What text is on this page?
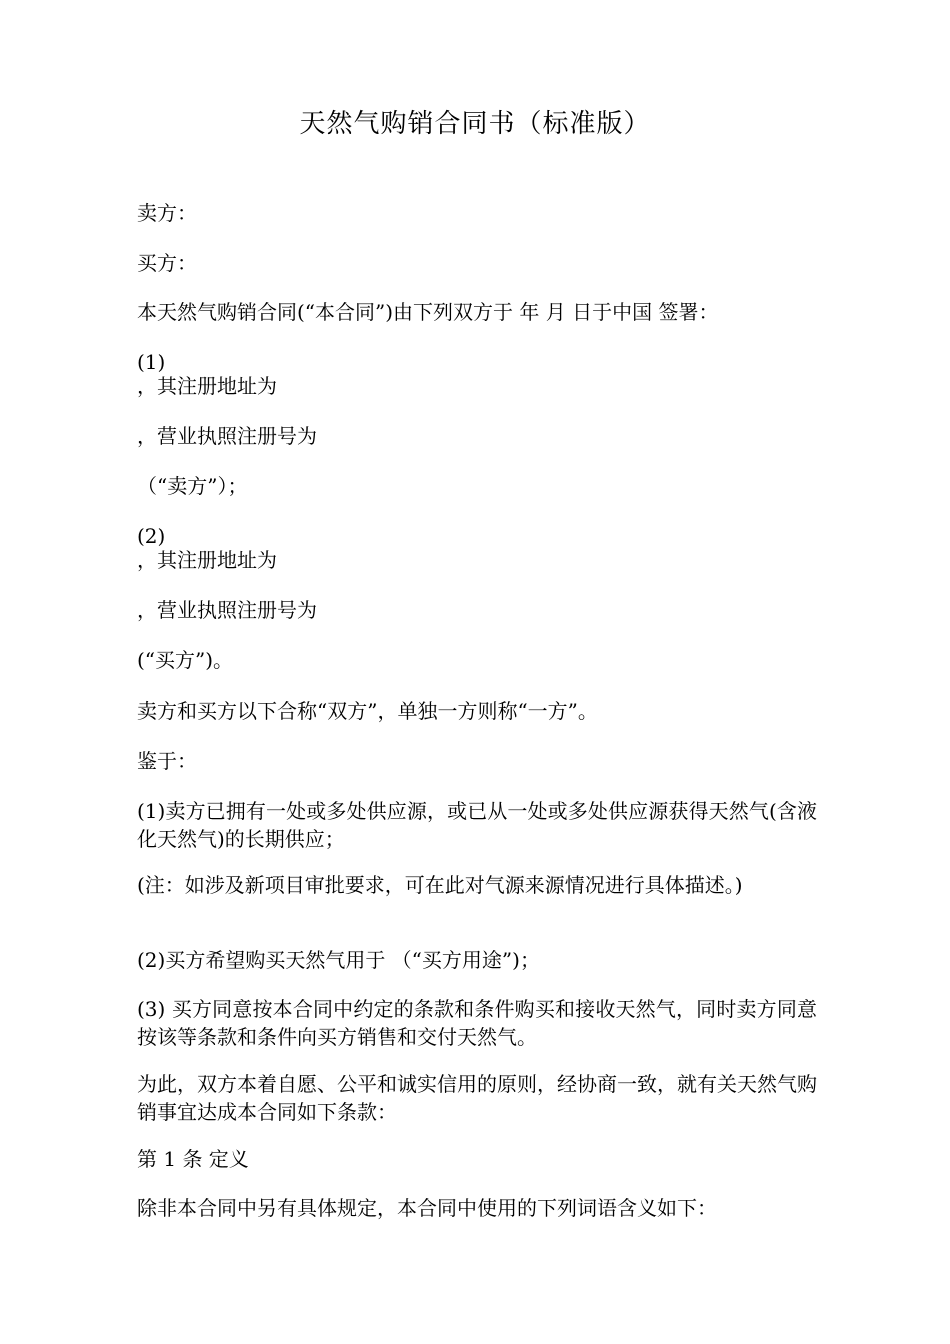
天然气购销合同书（标准版）
卖方：
买方：
本天然气购销合同(“本合同”)由下列双方于 年 月 日于中国 签署：
(1)
，其注册地址为
，营业执照注册号为
（“卖方”）；
(2)
，其注册地址为
，营业执照注册号为
(“买方”)。
卖方和买方以下合称“双方”，单独一方则称“一方”。
鉴于：
(1)卖方已拥有一处或多处供应源，或已从一处或多处供应源获得天然气(含液化天然气)的长期供应；
(注：如涉及新项目审批要求，可在此对气源来源情况进行具体描述。)
(2)买方希望购买天然气用于 （“买方用途”)；
(3) 买方同意按本合同中约定的条款和条件购买和接收天然气，同时卖方同意按该等条款和条件向买方销售和交付天然气。
为此，双方本着自愿、公平和诚实信用的原则，经协商一致，就有关天然气购销事宜达成本合同如下条款：
第 1 条 定义
除非本合同中另有具体规定，本合同中使用的下列词语含义如下：
